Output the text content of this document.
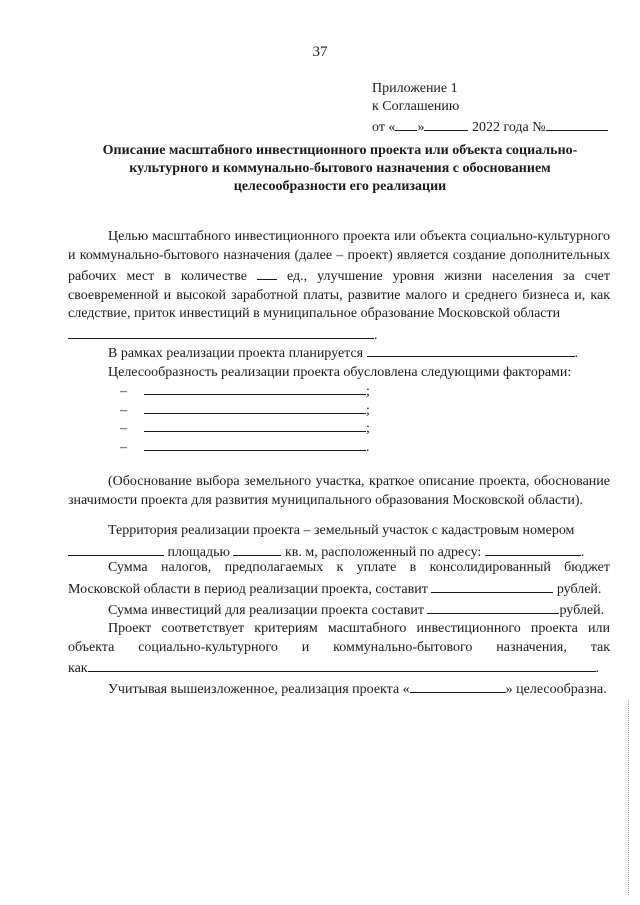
37
Приложение 1
к Соглашению
от « »	2022 года №
Описание масштабного инвестиционного проекта или объекта социально-культурного и коммунально-бытового назначения с обоснованием целесообразности его реализации
Целью масштабного инвестиционного проекта или объекта социально-культурного и коммунально-бытового назначения (далее – проект) является создание дополнительных рабочих мест в количестве  ед., улучшение уровня жизни населения за счет своевременной и высокой заработной платы, развитие малого и среднего бизнеса и, как следствие, приток инвестиций в муниципальное образование Московской области
.
В рамках реализации проекта планируется	.
Целесообразность реализации проекта обусловлена следующими факторами:
–	;
–	;
–	;
–	.
(Обоснование выбора земельного участка, краткое описание проекта, обоснование значимости проекта для развития муниципального образования Московской области).
Территория реализации проекта – земельный участок с кадастровым номером
площадью	кв. м, расположенный по адресу:	.
Сумма налогов, предполагаемых к уплате в консолидированный бюджет Московской области в период реализации проекта, составит	рублей.
Сумма инвестиций для реализации проекта составит	рублей.
Проект соответствует критериям масштабного инвестиционного проекта или объекта социально-культурного и коммунально-бытового назначения, так
как	.
Учитывая вышеизложенное, реализация проекта «	» целесообразна.
